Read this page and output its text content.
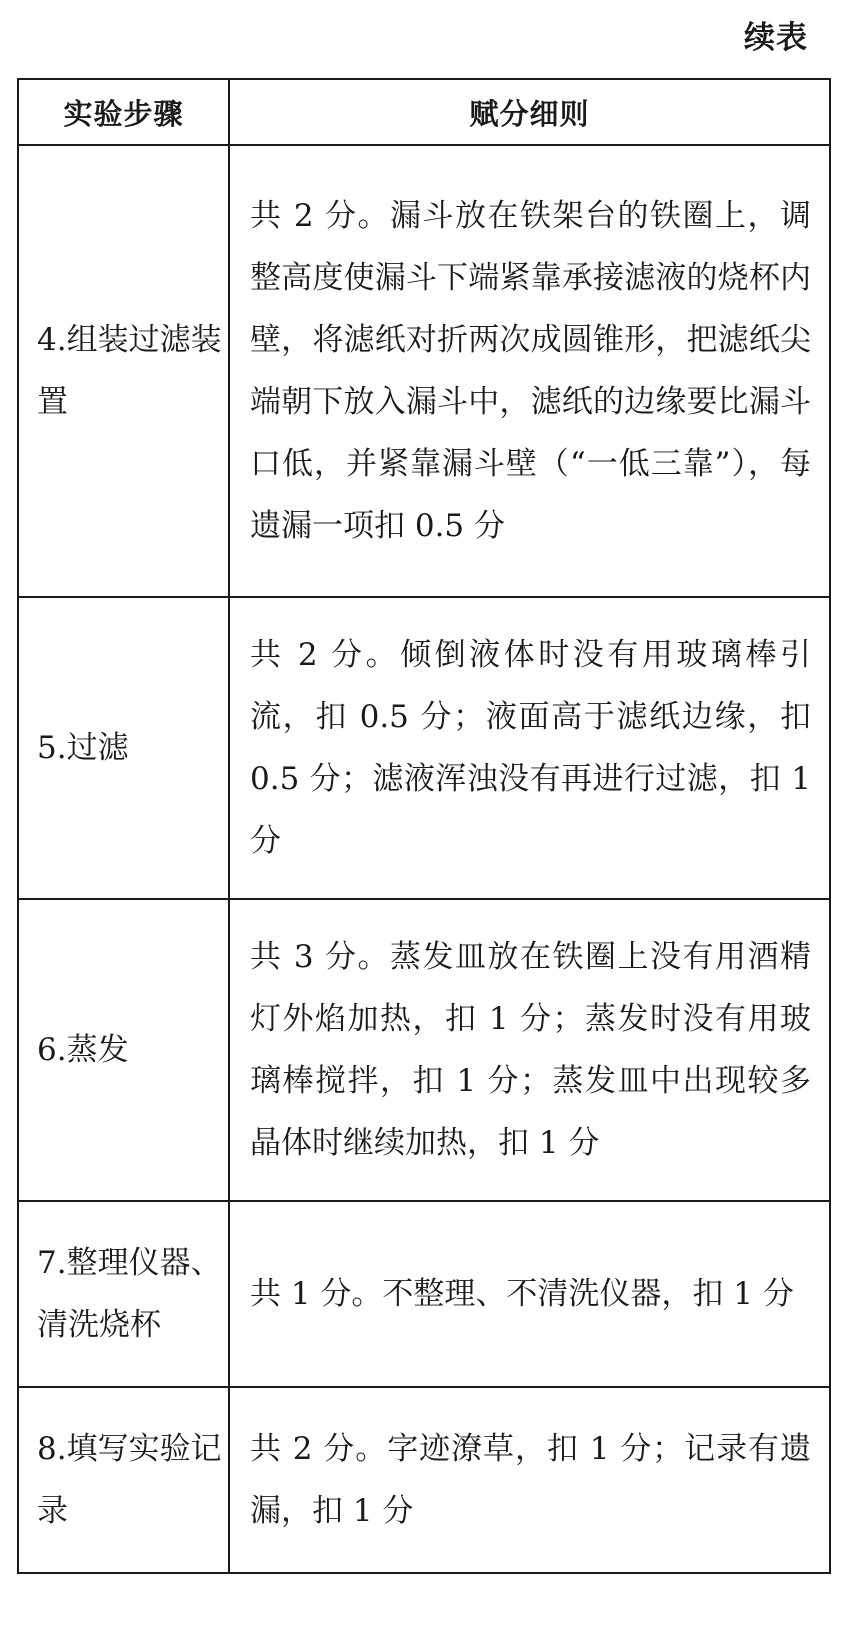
续表
实验步骤	赋分细则
4.组装过滤装置	共 2 分。漏斗放在铁架台的铁圈上，调整高度使漏斗下端紧靠承接滤液的烧杯内壁，将滤纸对折两次成圆锥形，把滤纸尖端朝下放入漏斗中，滤纸的边缘要比漏斗口低，并紧靠漏斗壁（“一低三靠”），每遗漏一项扣 0.5 分
5.过滤	共 2 分。倾倒液体时没有用玻璃棒引流，扣 0.5 分；液面高于滤纸边缘，扣 0.5 分；滤液浑浊没有再进行过滤，扣 1 分
6.蒸发	共 3 分。蒸发皿放在铁圈上没有用酒精灯外焰加热，扣 1 分；蒸发时没有用玻璃棒搅拌，扣 1 分；蒸发皿中出现较多晶体时继续加热，扣 1 分
7.整理仪器、清洗烧杯	共 1 分。不整理、不清洗仪器，扣 1 分
8.填写实验记录	共 2 分。字迹潦草，扣 1 分；记录有遗漏，扣 1 分
